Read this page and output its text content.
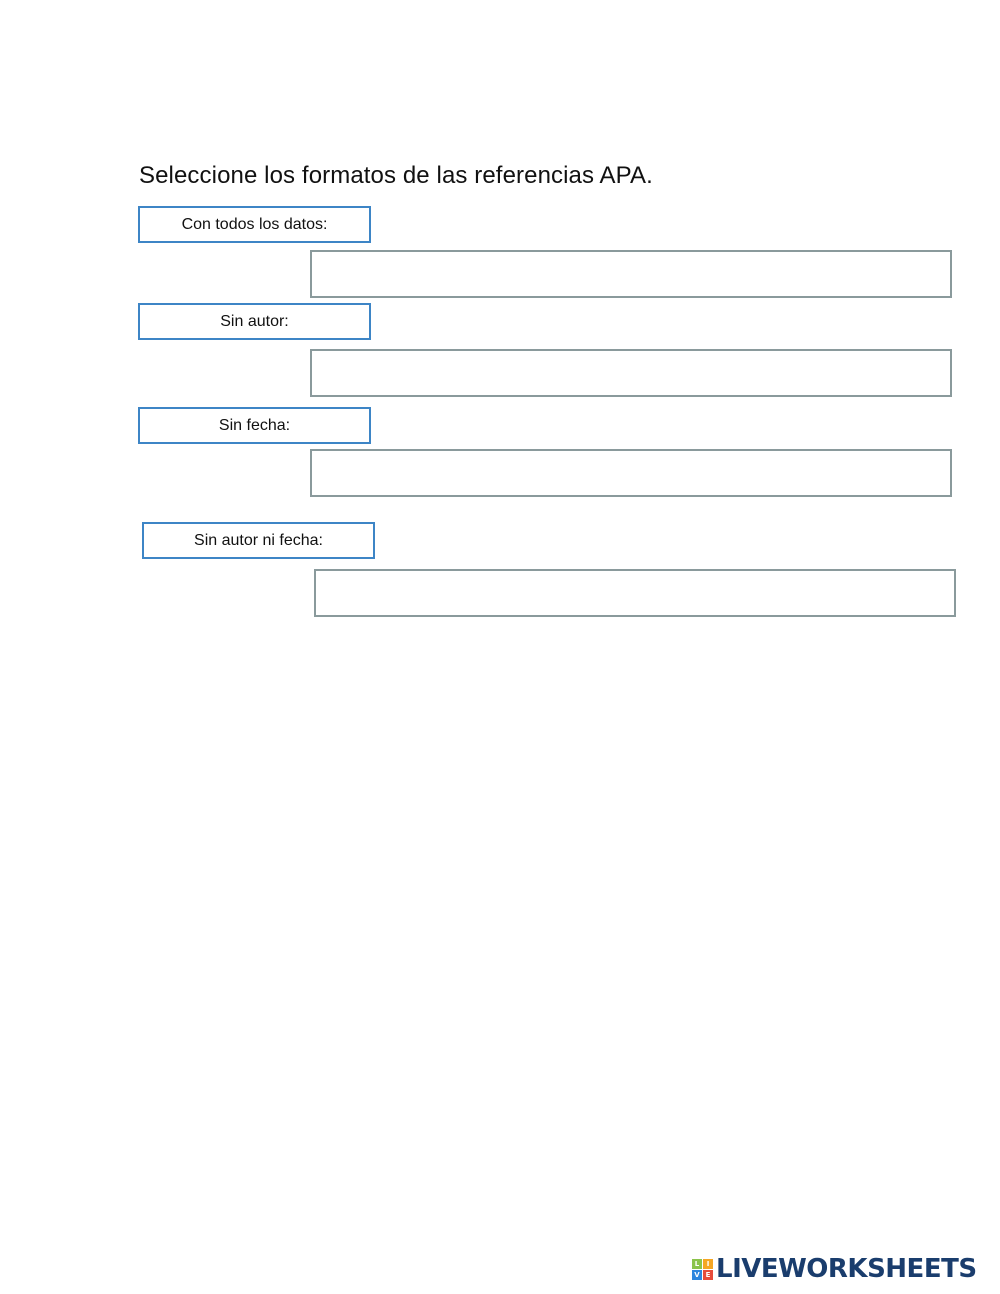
Seleccione los formatos de las referencias APA.
Con todos los datos:
Sin autor:
Sin fecha:
Sin autor ni fecha:
L	I
V E LIVEWORKSHEETS
